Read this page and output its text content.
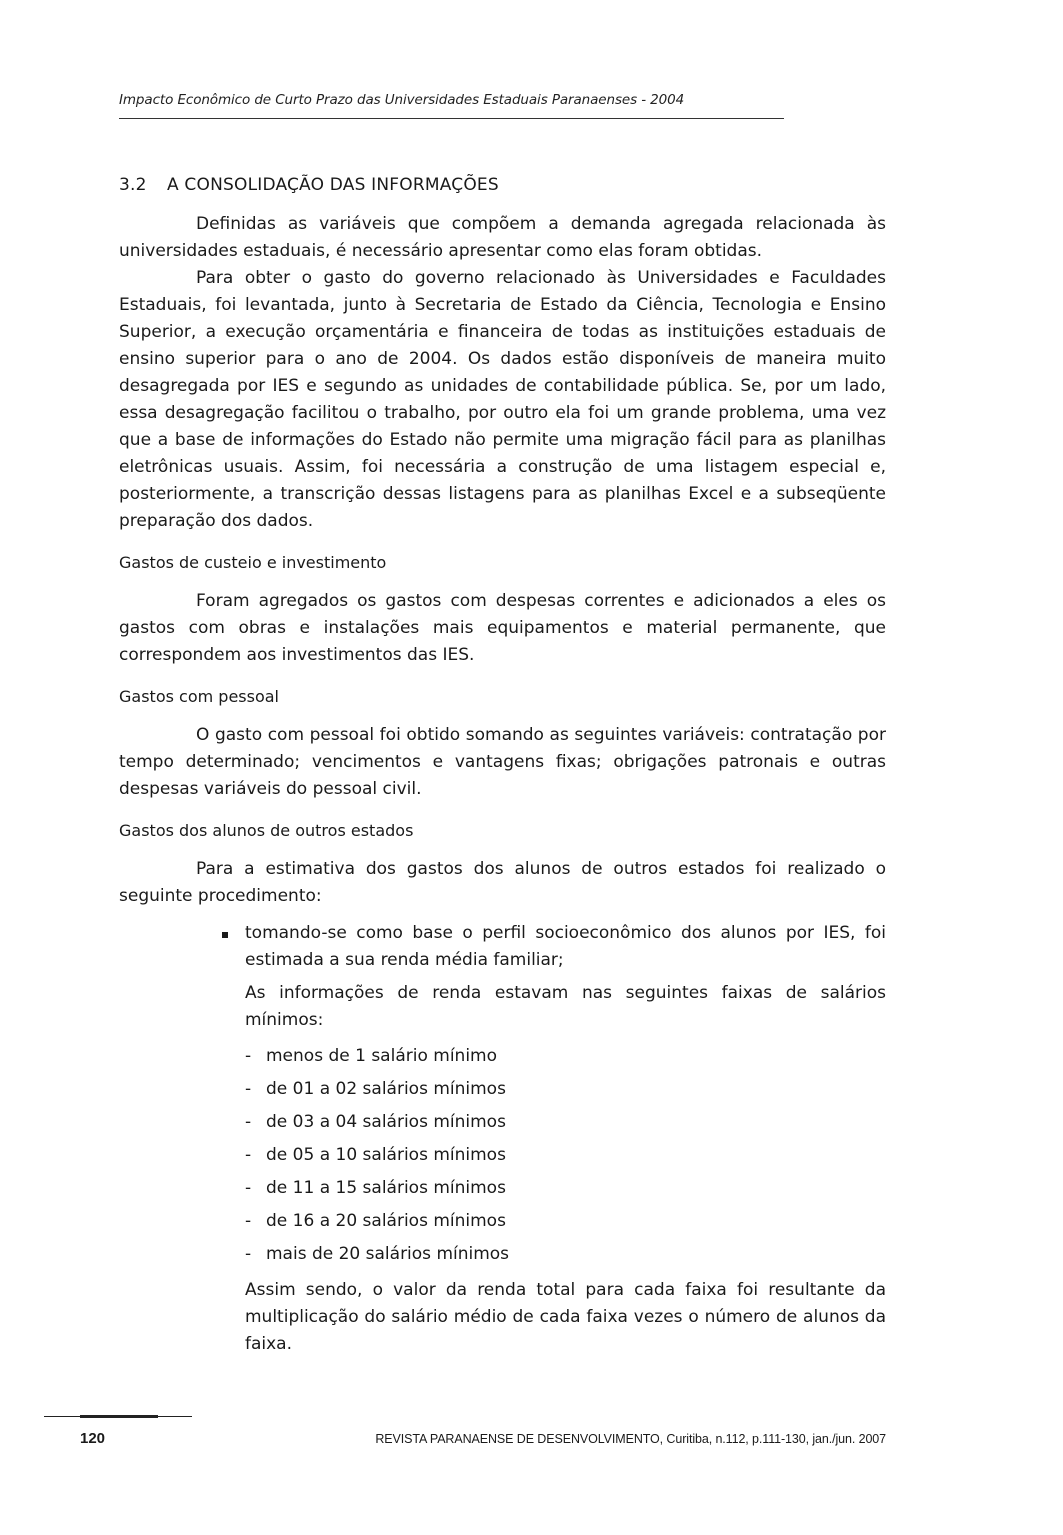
Impacto Econômico de Curto Prazo das Universidades Estaduais Paranaenses - 2004
3.2	A CONSOLIDAÇÃO DAS INFORMAÇÕES

Definidas as variáveis que compõem a demanda agregada relacionada às universidades estaduais, é necessário apresentar como elas foram obtidas.

Para obter o gasto do governo relacionado às Universidades e Faculdades Estaduais, foi levantada, junto à Secretaria de Estado da Ciência, Tecnologia e Ensino Superior, a execução orçamentária e financeira de todas as instituições estaduais de ensino superior para o ano de 2004. Os dados estão disponíveis de maneira muito desagregada por IES e segundo as unidades de contabilidade pública. Se, por um lado, essa desagregação facilitou o trabalho, por outro ela foi um grande problema, uma vez que a base de informações do Estado não permite uma migração fácil para as planilhas eletrônicas usuais. Assim, foi necessária a construção de uma listagem especial e, posteriormente, a transcrição dessas listagens para as planilhas Excel e a subseqüente preparação dos dados.

Gastos de custeio e investimento

Foram agregados os gastos com despesas correntes e adicionados a eles os gastos com obras e instalações mais equipamentos e material permanente, que correspondem aos investimentos das IES.

Gastos com pessoal

O gasto com pessoal foi obtido somando as seguintes variáveis: contratação por tempo determinado; vencimentos e vantagens fixas; obrigações patronais e outras despesas variáveis do pessoal civil.

Gastos dos alunos de outros estados

Para a estimativa dos gastos dos alunos de outros estados foi realizado o seguinte procedimento:

tomando-se como base o perfil socioeconômico dos alunos por IES, foi estimada a sua renda média familiar;

As informações de renda estavam nas seguintes faixas de salários mínimos:

- menos de 1 salário mínimo
- de 01 a 02 salários mínimos
- de 03 a 04 salários mínimos
- de 05 a 10 salários mínimos
- de 11 a 15 salários mínimos
- de 16 a 20 salários mínimos
- mais de 20 salários mínimos

Assim sendo, o valor da renda total para cada faixa foi resultante da multiplicação do salário médio de cada faixa vezes o número de alunos da faixa.

120	REVISTA PARANAENSE DE DESENVOLVIMENTO, Curitiba, n.112, p.111-130, jan./jun. 2007
